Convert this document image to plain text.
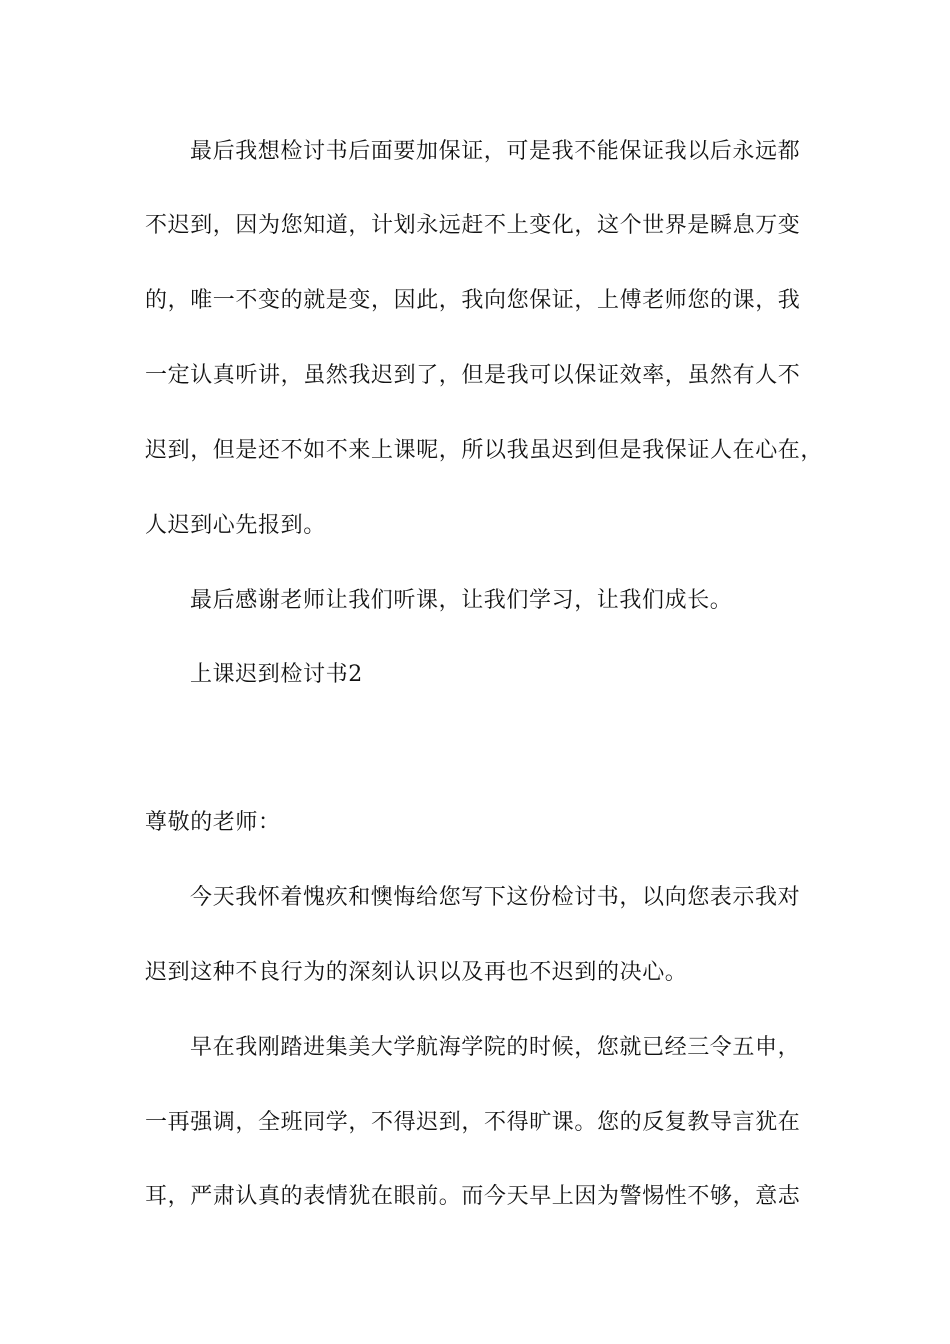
最后我想检讨书后面要加保证，可是我不能保证我以后永远都
不迟到，因为您知道，计划永远赶不上变化，这个世界是瞬息万变
的，唯一不变的就是变，因此，我向您保证，上傅老师您的课，我
一定认真听讲，虽然我迟到了，但是我可以保证效率，虽然有人不
迟到，但是还不如不来上课呢，所以我虽迟到但是我保证人在心在，
人迟到心先报到。
最后感谢老师让我们听课，让我们学习，让我们成长。
上课迟到检讨书2
尊敬的老师：
今天我怀着愧疚和懊悔给您写下这份检讨书，以向您表示我对
迟到这种不良行为的深刻认识以及再也不迟到的决心。
早在我刚踏进集美大学航海学院的时候，您就已经三令五申，
一再强调，全班同学，不得迟到，不得旷课。您的反复教导言犹在
耳，严肃认真的表情犹在眼前。而今天早上因为警惕性不够，意志
